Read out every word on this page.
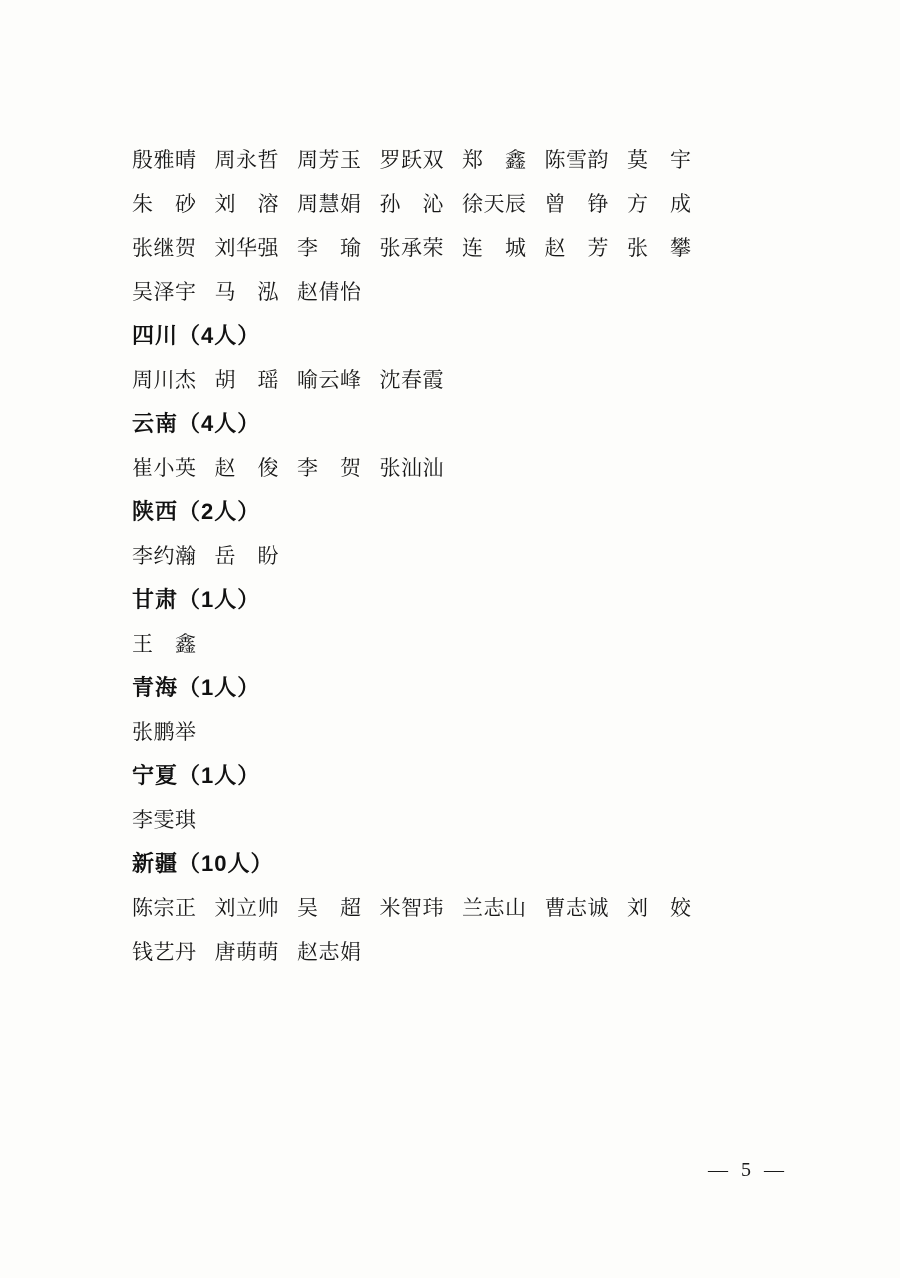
殷雅晴 周永哲 周芳玉 罗跃双 郑　鑫 陈雪韵 莫　宇
朱　砂 刘　溶 周慧娟 孙　沁 徐天辰 曾　铮 方　成
张继贺 刘华强 李　瑜 张承荣 连　城 赵　芳 张　攀
吴泽宇 马　泓 赵倩怡
四川（4人）
周川杰 胡　瑶 喻云峰 沈春霞
云南（4人）
崔小英 赵　俊 李　贺 张汕汕
陕西（2人）
李约瀚 岳　盼
甘肃（1人）
王　鑫
青海（1人）
张鹏举
宁夏（1人）
李雯琪
新疆（10人）
陈宗正 刘立帅 吴　超 米智玮 兰志山 曹志诚 刘　姣
钱艺丹 唐萌萌 赵志娟
— 5 —
